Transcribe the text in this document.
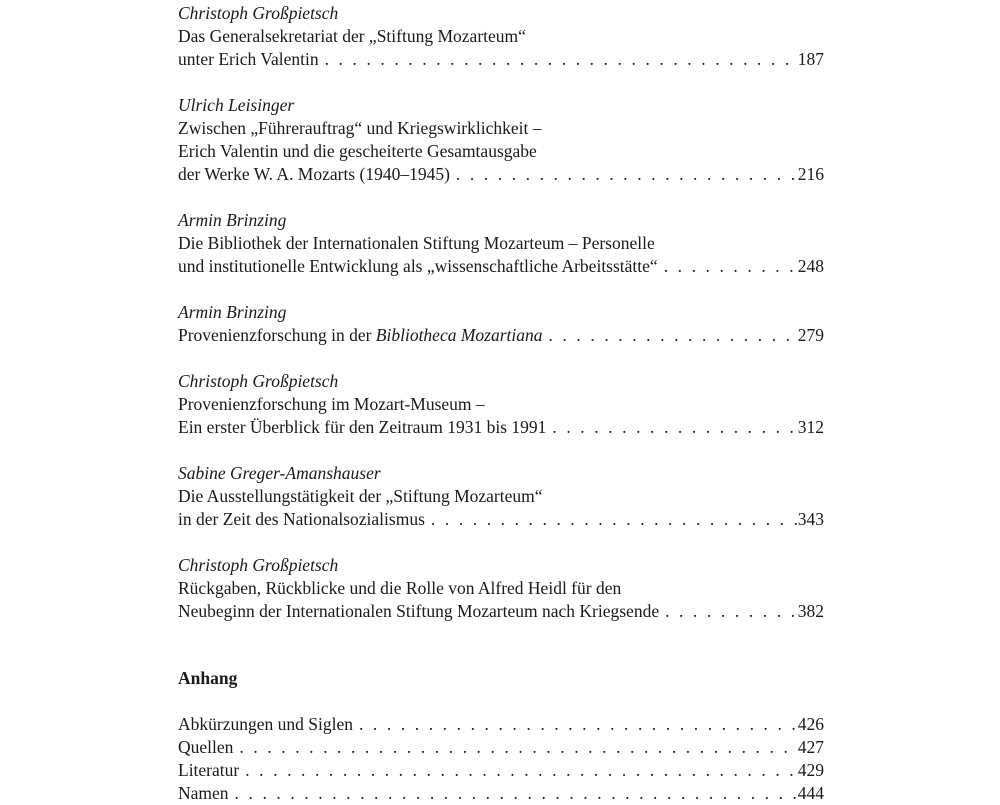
Christoph Großpietsch
Das Generalsekretariat der „Stiftung Mozarteum“
unter Erich Valentin . . .	187
Ulrich Leisinger
Zwischen „Führerauftrag“ und Kriegswirklichkeit –
Erich Valentin und die gescheiterte Gesamtausgabe
der Werke W. A. Mozarts (1940–1945) . . .	216
Armin Brinzing
Die Bibliothek der Internationalen Stiftung Mozarteum – Personelle
und institutionelle Entwicklung als „wissenschaftliche Arbeitsstätte“ . . .	248
Armin Brinzing
Provenienzforschung in der Bibliotheca Mozartiana . . .	279
Christoph Großpietsch
Provenienzforschung im Mozart-Museum –
Ein erster Überblick für den Zeitraum 1931 bis 1991 . . .	312
Sabine Greger-Amanshauser
Die Ausstellungstätigkeit der „Stiftung Mozarteum“
in der Zeit des Nationalsozialismus . . .	343
Christoph Großpietsch
Rückgaben, Rückblicke und die Rolle von Alfred Heidl für den
Neubeginn der Internationalen Stiftung Mozarteum nach Kriegsende . . .	382
Anhang
Abkürzungen und Siglen . . .	426
Quellen . . .	427
Literatur . . .	429
Namen . . .	444
